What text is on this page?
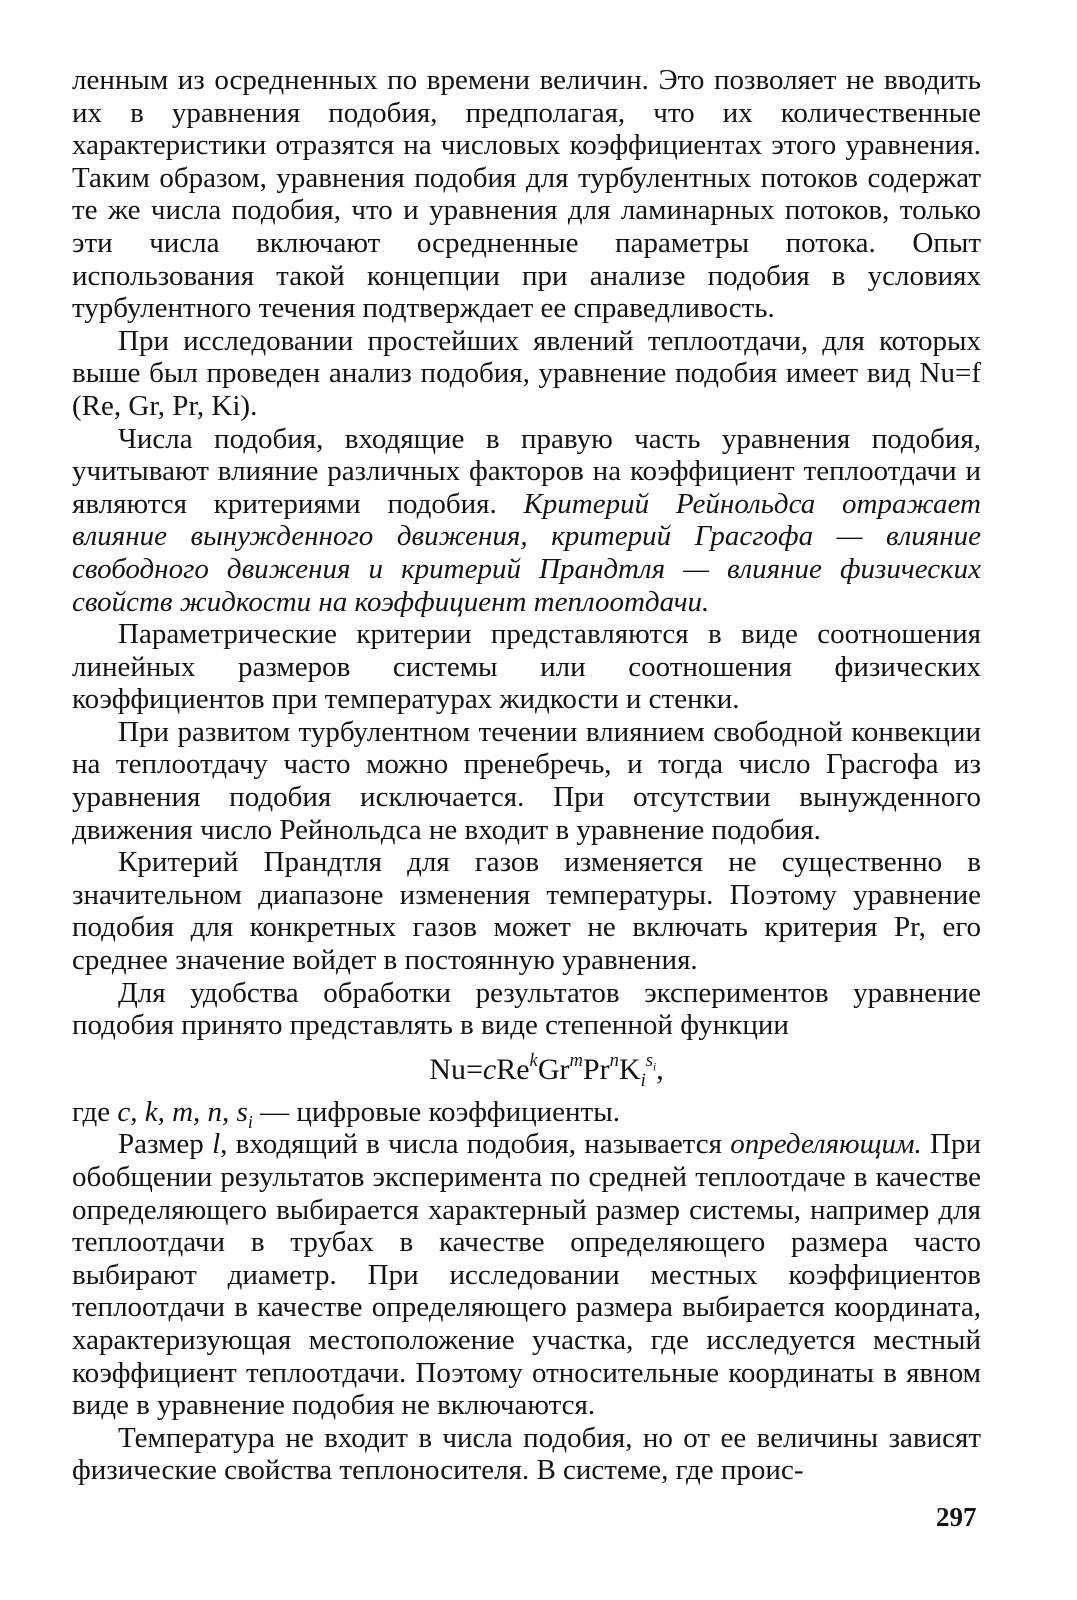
ленным из осредненных по времени величин. Это позволяет не вводить их в уравнения подобия, предполагая, что их количественные характеристики отразятся на числовых коэффициентах этого уравнения. Таким образом, уравнения подобия для турбулентных потоков содержат те же числа подобия, что и уравнения для ламинарных потоков, только эти числа включают осредненные параметры потока. Опыт использования такой концепции при анализе подобия в условиях турбулентного течения подтверждает ее справедливость.

При исследовании простейших явлений теплоотдачи, для которых выше был проведен анализ подобия, уравнение подобия имеет вид Nu=f (Re, Gr, Pr, Ki).

Числа подобия, входящие в правую часть уравнения подобия, учитывают влияние различных факторов на коэффициент теплоотдачи и являются критериями подобия. Критерий Рейнольдса отражает влияние вынужденного движения, критерий Грасгофа — влияние свободного движения и критерий Прандтля — влияние физических свойств жидкости на коэффициент теплоотдачи.

Параметрические критерии представляются в виде соотношения линейных размеров системы или соотношения физических коэффициентов при температурах жидкости и стенки.

При развитом турбулентном течении влиянием свободной конвекции на теплоотдачу часто можно пренебречь, и тогда число Грасгофа из уравнения подобия исключается. При отсутствии вынужденного движения число Рейнольдса не входит в уравнение подобия.

Критерий Прандтля для газов изменяется не существенно в значительном диапазоне изменения температуры. Поэтому уравнение подобия для конкретных газов может не включать критерия Pr, его среднее значение войдет в постоянную уравнения.

Для удобства обработки результатов экспериментов уравнение подобия принято представлять в виде степенной функции

$Nu=cRe^kGr^mPr^nK_i^{s_i}$,

где c, k, m, n, $s_i$ — цифровые коэффициенты.

Размер l, входящий в числа подобия, называется определяющим. При обобщении результатов эксперимента по средней теплоотдаче в качестве определяющего выбирается характерный размер системы, например для теплоотдачи в трубах в качестве определяющего размера часто выбирают диаметр. При исследовании местных коэффициентов теплоотдачи в качестве определяющего размера выбирается координата, характеризующая местоположение участка, где исследуется местный коэффициент теплоотдачи. Поэтому относительные координаты в явном виде в уравнение подобия не включаются.

Температура не входит в числа подобия, но от ее величины зависят физические свойства теплоносителя. В системе, где проис-

297
